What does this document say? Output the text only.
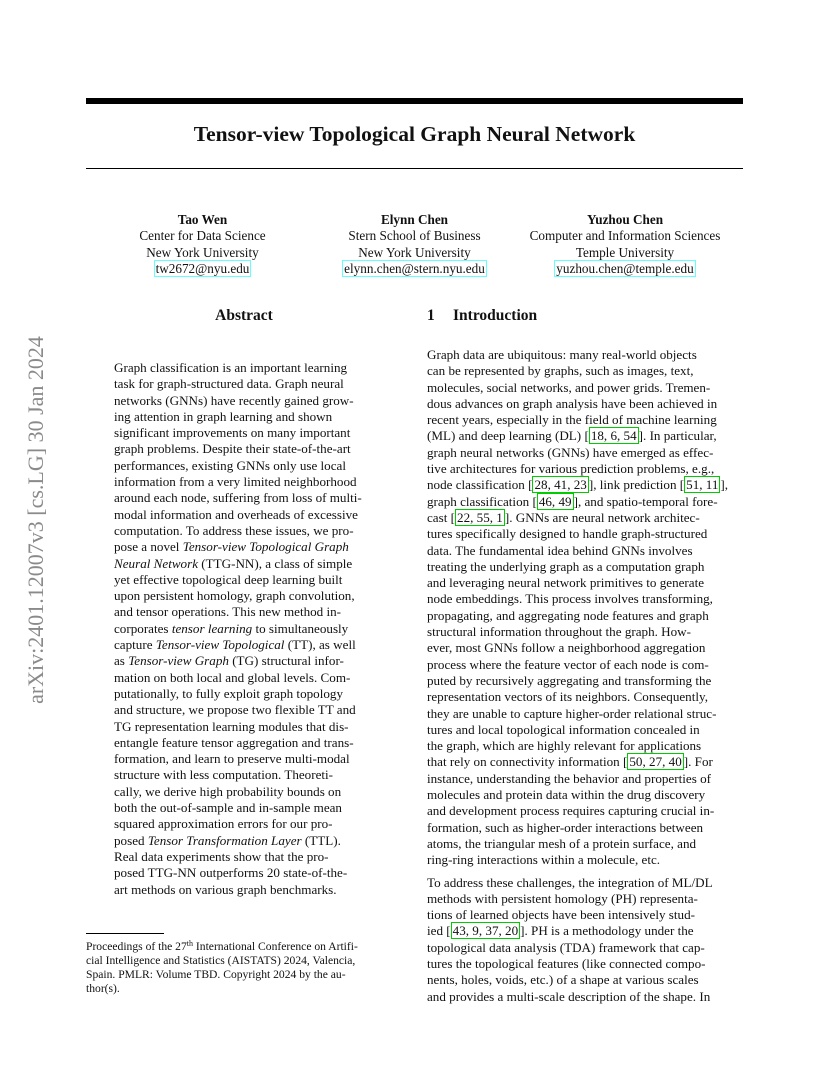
Tensor-view Topological Graph Neural Network
Tao Wen
Center for Data Science
New York University
tw2672@nyu.edu
Elynn Chen
Stern School of Business
New York University
elynn.chen@stern.nyu.edu
Yuzhou Chen
Computer and Information Sciences
Temple University
yuzhou.chen@temple.edu
arXiv:2401.12007v3 [cs.LG] 30 Jan 2024
Abstract	1 Introduction
Graph classification is an important learning
task for graph-structured data. Graph neural
networks (GNNs) have recently gained grow-
ing attention in graph learning and shown
significant improvements on many important
graph problems. Despite their state-of-the-art
performances, existing GNNs only use local
information from a very limited neighborhood
around each node, suffering from loss of multi-
modal information and overheads of excessive
computation. To address these issues, we pro-
pose a novel Tensor-view Topological Graph
Neural Network (TTG-NN), a class of simple
yet effective topological deep learning built
upon persistent homology, graph convolution,
and tensor operations. This new method in-
corporates tensor learning to simultaneously
capture Tensor-view Topological (TT), as well
as Tensor-view Graph (TG) structural infor-
mation on both local and global levels. Com-
putationally, to fully exploit graph topology
and structure, we propose two flexible TT and
TG representation learning modules that dis-
entangle feature tensor aggregation and trans-
formation, and learn to preserve multi-modal
structure with less computation. Theoreti-
cally, we derive high probability bounds on
both the out-of-sample and in-sample mean
squared approximation errors for our pro-
posed Tensor Transformation Layer (TTL).
Real data experiments show that the pro-
posed TTG-NN outperforms 20 state-of-the-
art methods on various graph benchmarks.

Graph data are ubiquitous: many real-world objects
can be represented by graphs, such as images, text,
molecules, social networks, and power grids. Tremen-
dous advances on graph analysis have been achieved in
recent years, especially in the field of machine learning
(ML) and deep learning (DL) [ 18, 6, 54 ]. In particular,
graph neural networks (GNNs) have emerged as effec-
tive architectures for various prediction problems, e.g.,
node classification [ 28, 41, 23 ], link prediction [ 51, 11 ],
graph classification [ 46, 49 ], and spatio-temporal fore-
cast [ 22, 55, 1 ]. GNNs are neural network architec-
tures specifically designed to handle graph-structured
data. The fundamental idea behind GNNs involves
treating the underlying graph as a computation graph
and leveraging neural network primitives to generate
node embeddings. This process involves transforming,
propagating, and aggregating node features and graph
structural information throughout the graph. How-
ever, most GNNs follow a neighborhood aggregation
process where the feature vector of each node is com-
puted by recursively aggregating and transforming the
representation vectors of its neighbors. Consequently,
they are unable to capture higher-order relational struc-
tures and local topological information concealed in
the graph, which are highly relevant for applications
that rely on connectivity information [ 50, 27, 40 ]. For
instance, understanding the behavior and properties of
molecules and protein data within the drug discovery
and development process requires capturing crucial in-
formation, such as higher-order interactions between
atoms, the triangular mesh of a protein surface, and
ring-ring interactions within a molecule, etc.

To address these challenges, the integration of ML/DL
methods with persistent homology (PH) representa-
tions of learned objects have been intensively stud-
ied [ 43, 9, 37, 20 ]. PH is a methodology under the
topological data analysis (TDA) framework that cap-
tures the topological features (like connected compo-
nents, holes, voids, etc.) of a shape at various scales
and provides a multi-scale description of the shape. In

Proceedings of the 27th International Conference on Artifi-
cial Intelligence and Statistics (AISTATS) 2024, Valencia,
Spain. PMLR: Volume TBD. Copyright 2024 by the au-
thor(s).
